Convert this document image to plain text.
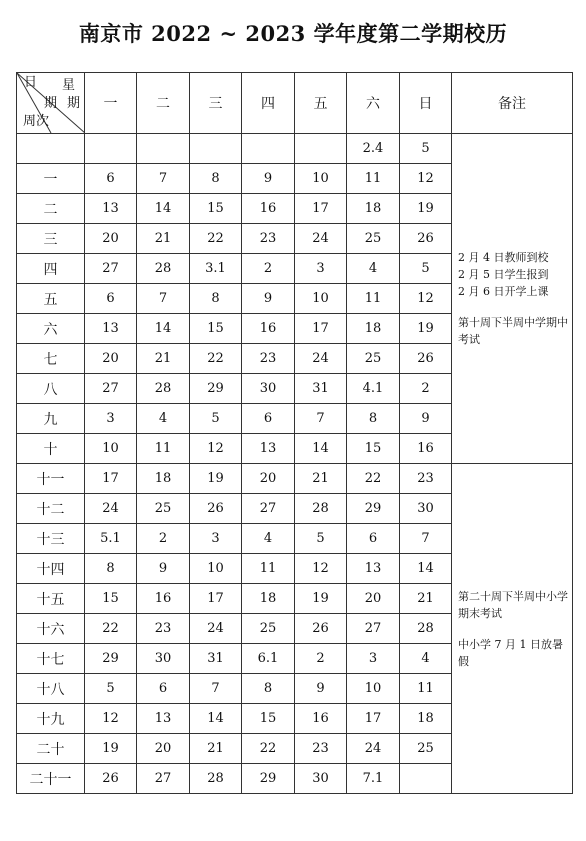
南京市 2022 ~ 2023 学年度第二学期校历
日 星
期 期
周次	一	二	三	四	五	六	日	备注
						2.4	5	2 月 4 日教师到校

2 月 5 日学生报到

2 月 6 日开学上课

第十周下半周中学期中考试

一	6	7	8	9	10	11	12	
二	13	14	15	16	17	18	19	
三	20	21	22	23	24	25	26	
四	27	28	3.1	2	3	4	5	
五	6	7	8	9	10	11	12	
六	13	14	15	16	17	18	19	
七	20	21	22	23	24	25	26	
八	27	28	29	30	31	4.1	2	
九	3	4	5	6	7	8	9	
十	10	11	12	13	14	15	16	
十一	17	18	19	20	21	22	23	第二十周下半周中小学期末考试

中小学 7 月 1 日放暑假

十二	24	25	26	27	28	29	30	
十三	5.1	2	3	4	5	6	7	
十四	8	9	10	11	12	13	14	
十五	15	16	17	18	19	20	21	
十六	22	23	24	25	26	27	28	
十七	29	30	31	6.1	2	3	4	
十八	5	6	7	8	9	10	11	
十九	12	13	14	15	16	17	18	
二十	19	20	21	22	23	24	25	
二十一	26	27	28	29	30	7.1		
